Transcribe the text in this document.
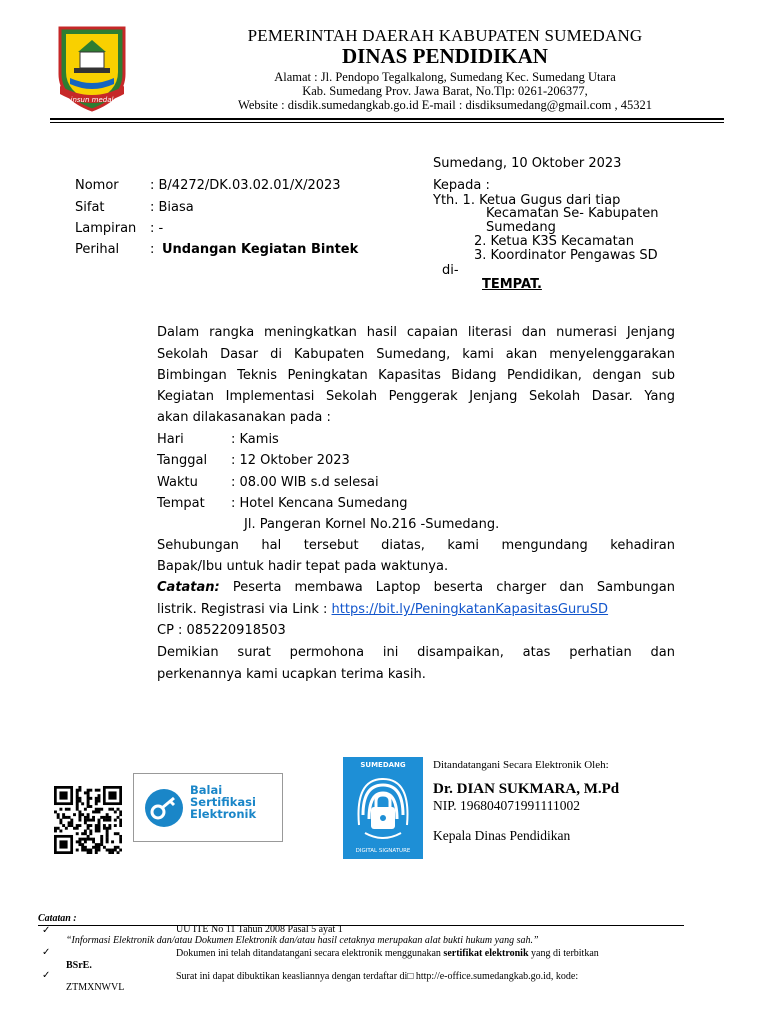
insun medal
PEMERINTAH DAERAH KABUPATEN SUMEDANG
DINAS PENDIDIKAN
Alamat : Jl. Pendopo Tegalkalong, Sumedang Kec. Sumedang Utara
Kab. Sumedang Prov. Jawa Barat, No.Tlp: 0261-206377,
Website : disdik.sumedangkab.go.id E-mail : disdiksumedang@gmail.com , 45321
Sumedang, 10 Oktober 2023
Nomor : B/4272/DK.03.02.01/X/2023
Sifat	: Biasa
Lampiran : -
Perihal : Undangan Kegiatan Bintek
Kepada :
Yth. 1. Ketua Gugus dari tiap
Kecamatan Se- Kabupaten
Sumedang
2. Ketua K3S Kecamatan
3. Koordinator Pengawas SD
di-
TEMPAT.
Dalam rangka meningkatkan hasil capaian literasi dan numerasi Jenjang
Sekolah Dasar di Kabupaten Sumedang, kami akan menyelenggarakan
Bimbingan Teknis Peningkatan Kapasitas Bidang Pendidikan, dengan sub
Kegiatan Implementasi Sekolah Penggerak Jenjang Sekolah Dasar. Yang
akan dilakasanakan pada :
Hari	: Kamis
Tanggal : 12 Oktober 2023
Waktu	: 08.00 WIB s.d selesai
Tempat : Hotel Kencana Sumedang
Jl. Pangeran Kornel No.216 -Sumedang.
Sehubungan hal tersebut diatas, kami mengundang kehadiran
Bapak/Ibu untuk hadir tepat pada waktunya.
Catatan: Peserta membawa Laptop beserta charger dan Sambungan
listrik. Registrasi via Link : https://bit.ly/PeningkatanKapasitasGuruSD
CP : 085220918503
Demikian surat permohona ini disampaikan, atas perhatian dan
perkenannya kami ucapkan terima kasih.
Balai
Sertifikasi
Elektronik
SUMEDANG
DIGITAL SIGNATURE
Ditandatangani Secara Elektronik Oleh:
Dr. DIAN SUKMARA, M.Pd
NIP. 196804071991111002
Kepala Dinas Pendidikan
Catatan :
✓	UU ITE No 11 Tahun 2008 Pasal 5 ayat 1
“Informasi Elektronik dan/atau Dokumen Elektronik dan/atau hasil cetaknya merupakan alat bukti hukum yang sah.”
✓	Dokumen ini telah ditandatangani secara elektronik menggunakan sertifikat elektronik yang di terbitkan
BSrE.
✓	Surat ini dapat dibuktikan keasliannya dengan terdaftar di□ http://e-office.sumedangkab.go.id, kode:
ZTMXNWVL
